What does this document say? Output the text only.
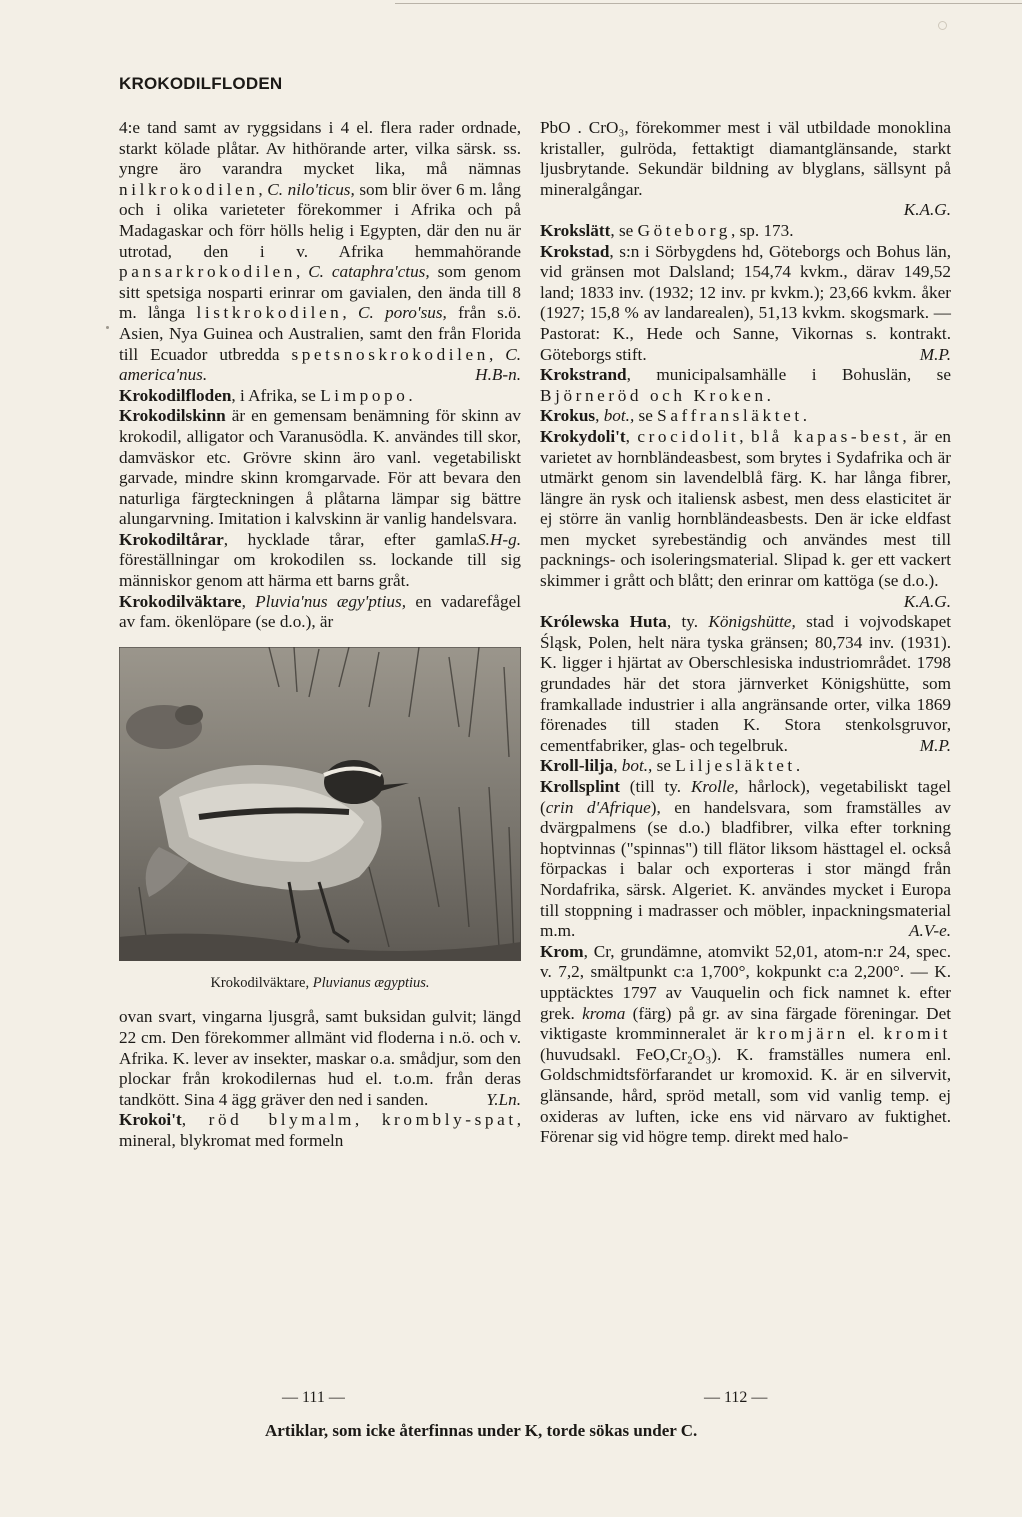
KROKODILFLODEN

4:e tand samt av ryggsidans i 4 el. flera rader ordnade, starkt kölade plåtar. Av hithörande arter, vilka särsk. ss. yngre äro varandra mycket lika, må nämnas nilkrokodilen, C. nilo'ticus, som blir över 6 m. lång och i olika varieteter förekommer i Afrika och på Madagaskar och förr hölls helig i Egypten, där den nu är utrotad, den i v. Afrika hemmahörande pansarkrokodilen, C. cataphra'ctus, som genom sitt spetsiga nosparti erinrar om gavialen, den ända till 8 m. långa listkrokodilen, C. poro'sus, från s.ö. Asien, Nya Guinea och Australien, samt den från Florida till Ecuador utbredda spetsnoskrokodilen, C. america'nus.	H.B-n.

Krokodilfloden, i Afrika, se Limpopo.

Krokodilskinn är en gemensam benämning för skinn av krokodil, alligator och Varanusödla. K. användes till skor, damväskor etc. Grövre skinn äro vanl. vegetabiliskt garvade, mindre skinn kromgarvade. För att bevara den naturliga färgteckningen å plåtarna lämpar sig bättre alungarvning. Imitation i kalvskinn är vanlig handelsvara.
S.H-g.

Krokodiltårar, hycklade tårar, efter gamla föreställningar om krokodilen ss. lockande till sig människor genom att härma ett barns gråt.

Krokodilväktare, Pluvia'nus ægy'ptius, en vadarefågel av fam. ökenlöpare (se d.o.), är

Krokodilväktare, Pluvianus ægyptius.

ovan svart, vingarna ljusgrå, samt buksidan gulvit; längd 22 cm. Den förekommer allmänt vid floderna i n.ö. och v. Afrika. K. lever av insekter, maskar o.a. smådjur, som den plockar från krokodilernas hud el. t.o.m. från deras tandkött. Sina 4 ägg gräver den ned i sanden.	Y.Ln.

Krokoi't, röd blymalm, krombly-spat, mineral, blykromat med formeln

PbO . CrO₃, förekommer mest i väl utbildade monoklina kristaller, gulröda, fettaktigt diamantglänsande, starkt ljusbrytande. Sekundär bildning av blyglans, sällsynt på mineralgångar.

K.A.G.

Krokslätt, se Göteborg, sp. 173.

Krokstad, s:n i Sörbygdens hd, Göteborgs och Bohus län, vid gränsen mot Dalsland; 154,74 kvkm., därav 149,52 land; 1833 inv. (1932; 12 inv. pr kvkm.); 23,66 kvkm. åker (1927; 15,8 % av landarealen), 51,13 kvkm. skogsmark. — Pastorat: K., Hede och Sanne, Vikornas s. kontrakt. Göteborgs stift.	M.P.

Krokstrand, municipalsamhälle i Bohuslän, se Björneröd och Kroken.

Krokus, bot., se Saffransläktet.

Krokydoli't, crocidolit, blå kapas-best, är en varietet av hornbländeasbest, som brytes i Sydafrika och är utmärkt genom sin lavendelblå färg. K. har långa fibrer, längre än rysk och italiensk asbest, men dess elasticitet är ej större än vanlig hornbländeasbests. Den är icke eldfast men mycket syrebeständig och användes mest till packnings- och isoleringsmaterial. Slipad k. ger ett vackert skimmer i grått och blått; den erinrar om kattöga (se d.o.).

K.A.G.

Królewska Huta, ty. Königshütte, stad i vojvodskapet Śląsk, Polen, helt nära tyska gränsen; 80,734 inv. (1931). K. ligger i hjärtat av Oberschlesiska industriområdet. 1798 grundades här det stora järnverket Königshütte, som framkallade industrier i alla angränsande orter, vilka 1869 förenades till staden K. Stora stenkolsgruvor, cementfabriker, glas- och tegelbruk.	M.P.

Kroll-lilja, bot., se Liljesläktet.

Krollsplint (till ty. Krolle, hårlock), vegetabiliskt tagel (crin d'Afrique), en handelsvara, som framställes av dvärgpalmens (se d.o.) bladfibrer, vilka efter torkning hoptvinnas ("spinnas") till flätor liksom hästtagel el. också förpackas i balar och exporteras i stor mängd från Nordafrika, särsk. Algeriet. K. användes mycket i Europa till stoppning i madrasser och möbler, inpackningsmaterial m.m.	A.V-e.

Krom, Cr, grundämne, atomvikt 52,01, atom-n:r 24, spec. v. 7,2, smältpunkt c:a 1,700°, kokpunkt c:a 2,200°. — K. upptäcktes 1797 av Vauquelin och fick namnet k. efter grek. kroma (färg) på gr. av sina färgade föreningar. Det viktigaste kromminneralet är kromjärn el. kromit (huvudsakl. FeO,Cr₂O₃). K. framställes numera enl. Goldschmidtsförfarandet ur kromoxid. K. är en silvervit, glänsande, hård, spröd metall, som vid vanlig temp. ej oxideras av luften, icke ens vid närvaro av fuktighet. Förenar sig vid högre temp. direkt med halo-

— 111 —	— 112 —
Artiklar, som icke återfinnas under K, torde sökas under C.
